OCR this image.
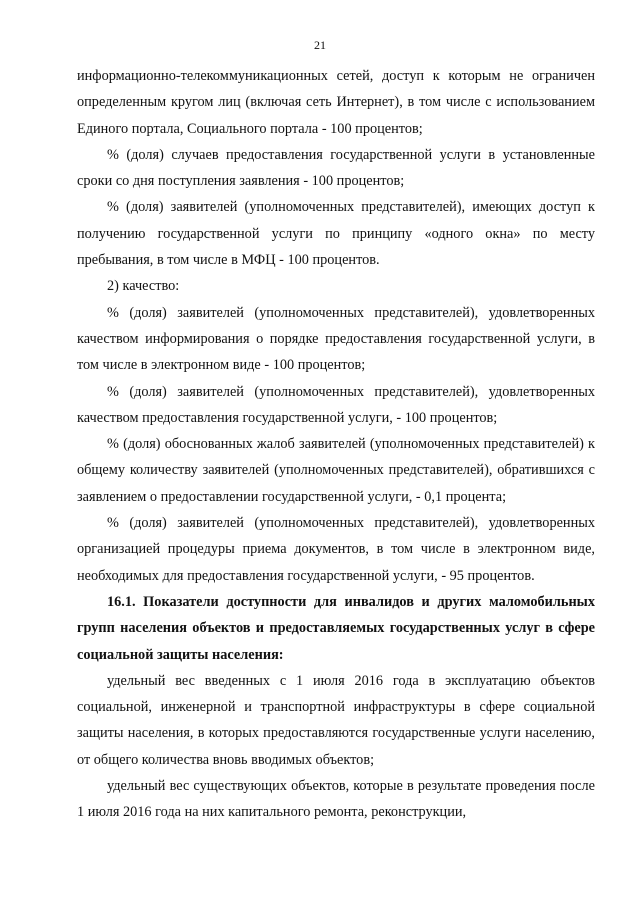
21

информационно-телекоммуникационных сетей, доступ к которым не ограничен определенным кругом лиц (включая сеть Интернет), в том числе с использованием Единого портала, Социального портала - 100 процентов;

% (доля) случаев предоставления государственной услуги в установленные сроки со дня поступления заявления - 100 процентов;

% (доля) заявителей (уполномоченных представителей), имеющих доступ к получению государственной услуги по принципу «одного окна» по месту пребывания, в том числе в МФЦ - 100 процентов.

2) качество:

% (доля) заявителей (уполномоченных представителей), удовлетворенных качеством информирования о порядке предоставления государственной услуги, в том числе в электронном виде - 100 процентов;

% (доля) заявителей (уполномоченных представителей), удовлетворенных качеством предоставления государственной услуги, - 100 процентов;

% (доля) обоснованных жалоб заявителей (уполномоченных представителей) к общему количеству заявителей (уполномоченных представителей), обратившихся с заявлением о предоставлении государственной услуги, - 0,1 процента;

% (доля) заявителей (уполномоченных представителей), удовлетворенных организацией процедуры приема документов, в том числе в электронном виде, необходимых для предоставления государственной услуги, - 95 процентов.

16.1. Показатели доступности для инвалидов и других маломобильных групп населения объектов и предоставляемых государственных услуг в сфере социальной защиты населения:

удельный вес введенных с 1 июля 2016 года в эксплуатацию объектов социальной, инженерной и транспортной инфраструктуры в сфере социальной защиты населения, в которых предоставляются государственные услуги населению, от общего количества вновь вводимых объектов;

удельный вес существующих объектов, которые в результате проведения после 1 июля 2016 года на них капитального ремонта, реконструкции,
